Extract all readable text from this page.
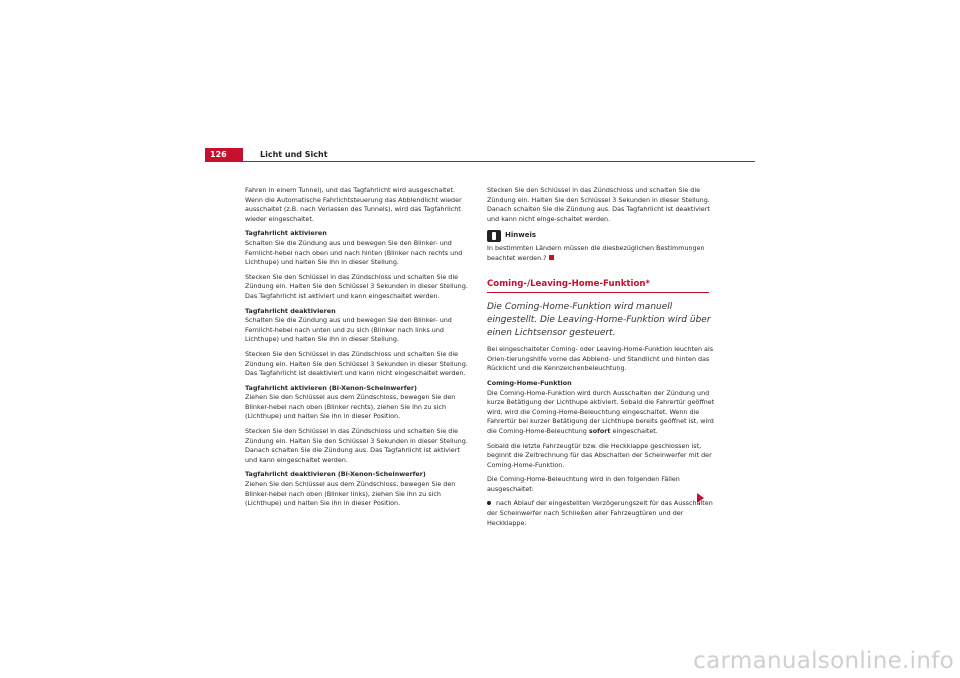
126	Licht und Sicht

Fahren in einem Tunnel), und das Tagfahrlicht wird ausgeschaltet. Wenn die Automatische Fahrlichtsteuerung das Abblendlicht wieder ausschaltet (z.B. nach Verlassen des Tunnels), wird das Tagfahrlicht wieder eingeschaltet.

Tagfahrlicht aktivieren

Schalten Sie die Zündung aus und bewegen Sie den Blinker- und Fernlicht-hebel nach oben und nach hinten (Blinker nach rechts und Lichthupe) und halten Sie ihn in dieser Stellung.

Stecken Sie den Schlüssel in das Zündschloss und schalten Sie die Zündung ein. Halten Sie den Schlüssel 3 Sekunden in dieser Stellung. Das Tagfahrlicht ist aktiviert und kann eingeschaltet werden.

Tagfahrlicht deaktivieren

Schalten Sie die Zündung aus und bewegen Sie den Blinker- und Fernlicht-hebel nach unten und zu sich (Blinker nach links und Lichthupe) und halten Sie ihn in dieser Stellung.

Stecken Sie den Schlüssel in das Zündschloss und schalten Sie die Zündung ein. Halten Sie den Schlüssel 3 Sekunden in dieser Stellung. Das Tagfahrlicht ist deaktiviert und kann nicht eingeschaltet werden.

Tagfahrlicht aktivieren (Bi-Xenon-Scheinwerfer)

Ziehen Sie den Schlüssel aus dem Zündschloss, bewegen Sie den Blinker-hebel nach oben (Blinker rechts), ziehen Sie ihn zu sich (Lichthupe) und halten Sie ihn in dieser Position.

Stecken Sie den Schlüssel in das Zündschloss und schalten Sie die Zündung ein. Halten Sie den Schlüssel 3 Sekunden in dieser Stellung. Danach schalten Sie die Zündung aus. Das Tagfahrlicht ist aktiviert und kann eingeschaltet werden.

Tagfahrlicht deaktivieren (Bi-Xenon-Scheinwerfer)

Ziehen Sie den Schlüssel aus dem Zündschloss, bewegen Sie den Blinker-hebel nach oben (Blinker links), ziehen Sie ihn zu sich (Lichthupe) und halten Sie ihn in dieser Position.

Stecken Sie den Schlüssel in das Zündschloss und schalten Sie die Zündung ein. Halten Sie den Schlüssel 3 Sekunden in dieser Stellung. Danach schalten Sie die Zündung aus. Das Tagfahrlicht ist deaktiviert und kann nicht einge-schaltet werden.

Hinweis

In bestimmten Ländern müssen die diesbezüglichen Bestimmungen beachtet werden.?

Coming-/Leaving-Home-Funktion*

Die Coming-Home-Funktion wird manuell eingestellt. Die Leaving-Home-Funktion wird über einen Lichtsensor gesteuert.

Bei eingeschalteter Coming- oder Leaving-Home-Funktion leuchten als Orien-tierungshilfe vorne das Abblend- und Standlicht und hinten das Rücklicht und die Kennzeichenbeleuchtung.

Coming-Home-Funktion

Die Coming-Home-Funktion wird durch Ausschalten der Zündung und kurze Betätigung der Lichthupe aktiviert. Sobald die Fahrertür geöffnet wird, wird die Coming-Home-Beleuchtung eingeschaltet. Wenn die Fahrertür bei kurzer Betätigung der Lichthupe bereits geöffnet ist, wird die Coming-Home-Beleuchtung sofort eingeschaltet.

Sobald die letzte Fahrzeugtür bzw. die Heckklappe geschlossen ist, beginnt die Zeitrechnung für das Abschalten der Scheinwerfer mit der Coming-Home-Funktion.

Die Coming-Home-Beleuchtung wird in den folgenden Fällen ausgeschaltet:

nach Ablauf der eingestellten Verzögerungszeit für das Ausschalten der Scheinwerfer nach Schließen aller Fahrzeugtüren und der Heckklappe.

carmanualsonline.info
